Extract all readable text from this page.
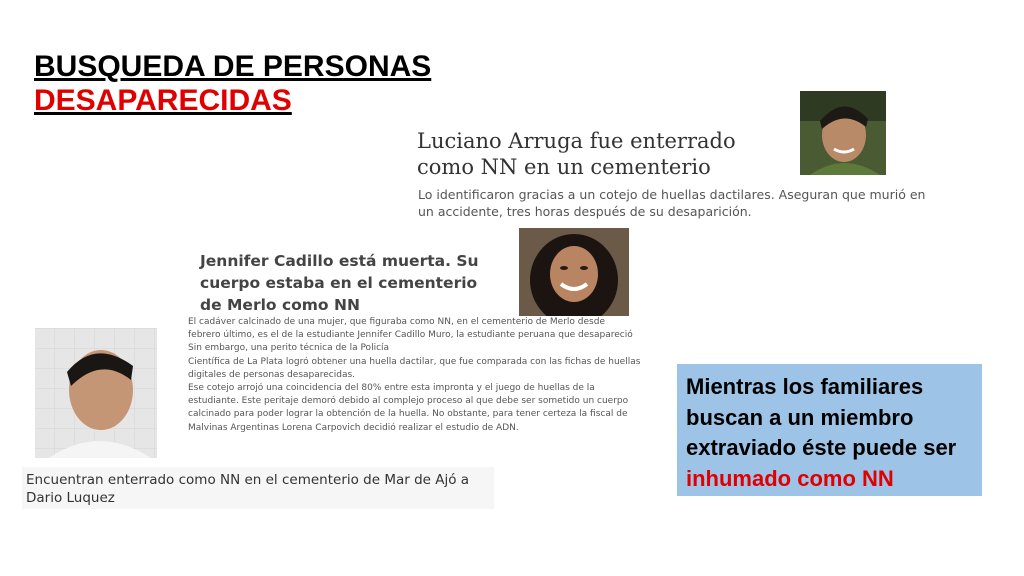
BUSQUEDA DE PERSONAS
DESAPARECIDAS
Luciano Arruga fue enterrado como NN en un cementerio
Lo identificaron gracias a un cotejo de huellas dactilares. Aseguran que murió en un accidente, tres horas después de su desaparición.
Jennifer Cadillo está muerta. Su cuerpo estaba en el cementerio de Merlo como NN
El cadáver calcinado de una mujer, que figuraba como NN, en el cementerio de Merlo desde
febrero último, es el de la estudiante Jennifer Cadillo Muro, la estudiante peruana que desapareció
Sin embargo, una perito técnica de la Policía
Científica de La Plata logró obtener una huella dactilar, que fue comparada con las fichas de huellas
digitales de personas desaparecidas.
Ese cotejo arrojó una coincidencia del 80% entre esta impronta y el juego de huellas de la
estudiante. Este peritaje demoró debido al complejo proceso al que debe ser sometido un cuerpo
calcinado para poder lograr la obtención de la huella. No obstante, para tener certeza la fiscal de
Malvinas Argentinas Lorena Carpovich decidió realizar el estudio de ADN.
Encuentran enterrado como NN en el cementerio de Mar de Ajó a Dario Luquez
Mientras los familiares buscan a un miembro extraviado éste puede ser inhumado como NN
